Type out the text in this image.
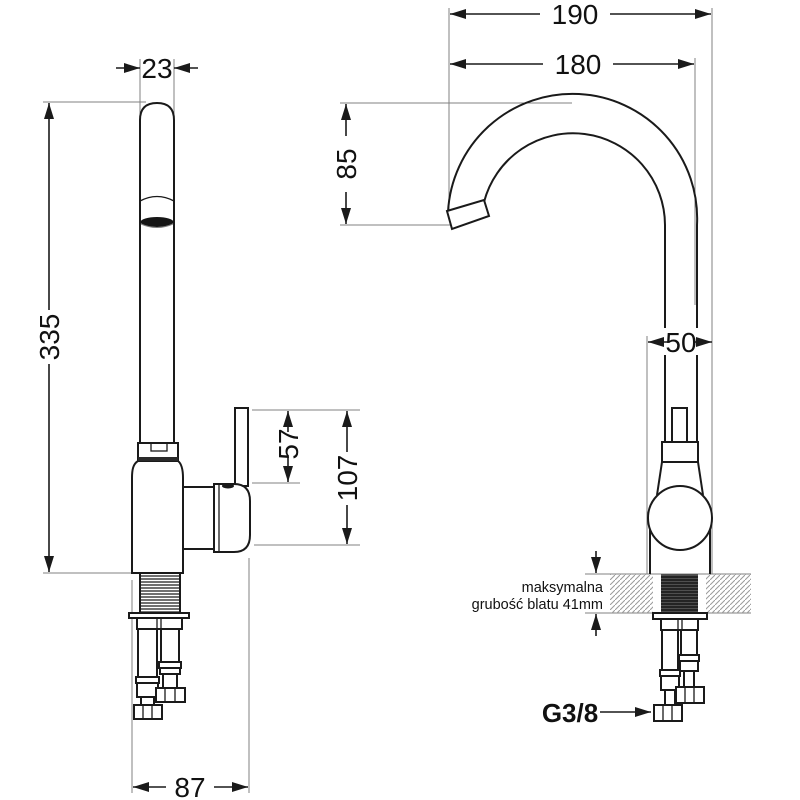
23
335
57
107
87
190
180
85
50
maksymalna
grubość blatu 41mm
G3/8
